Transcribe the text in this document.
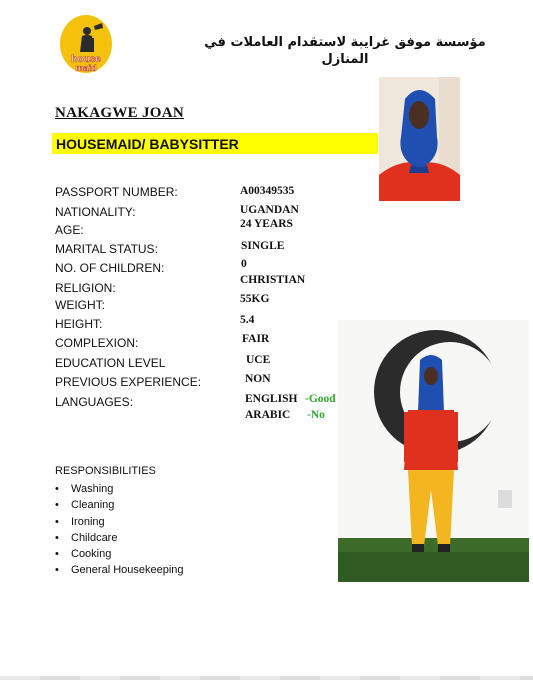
house
maid
مؤسسة موفق غرايبة لاستقدام العاملات في المنازل
NAKAGWE JOAN
HOUSEMAID/ BABYSITTER
PASSPORT NUMBER:
NATIONALITY:
AGE:
MARITAL STATUS:
NO. OF CHILDREN:
RELIGION:
WEIGHT:
HEIGHT:
COMPLEXION:
EDUCATION LEVEL
PREVIOUS EXPERIENCE:
LANGUAGES:
A00349535
UGANDAN
24 YEARS
SINGLE
0
CHRISTIAN
55KG
5.4
FAIR
UCE
NON
ENGLISH -Good
ARABIC -No
RESPONSIBILITIES
• Washing
• Cleaning
• Ironing
• Childcare
• Cooking
• General Housekeeping
